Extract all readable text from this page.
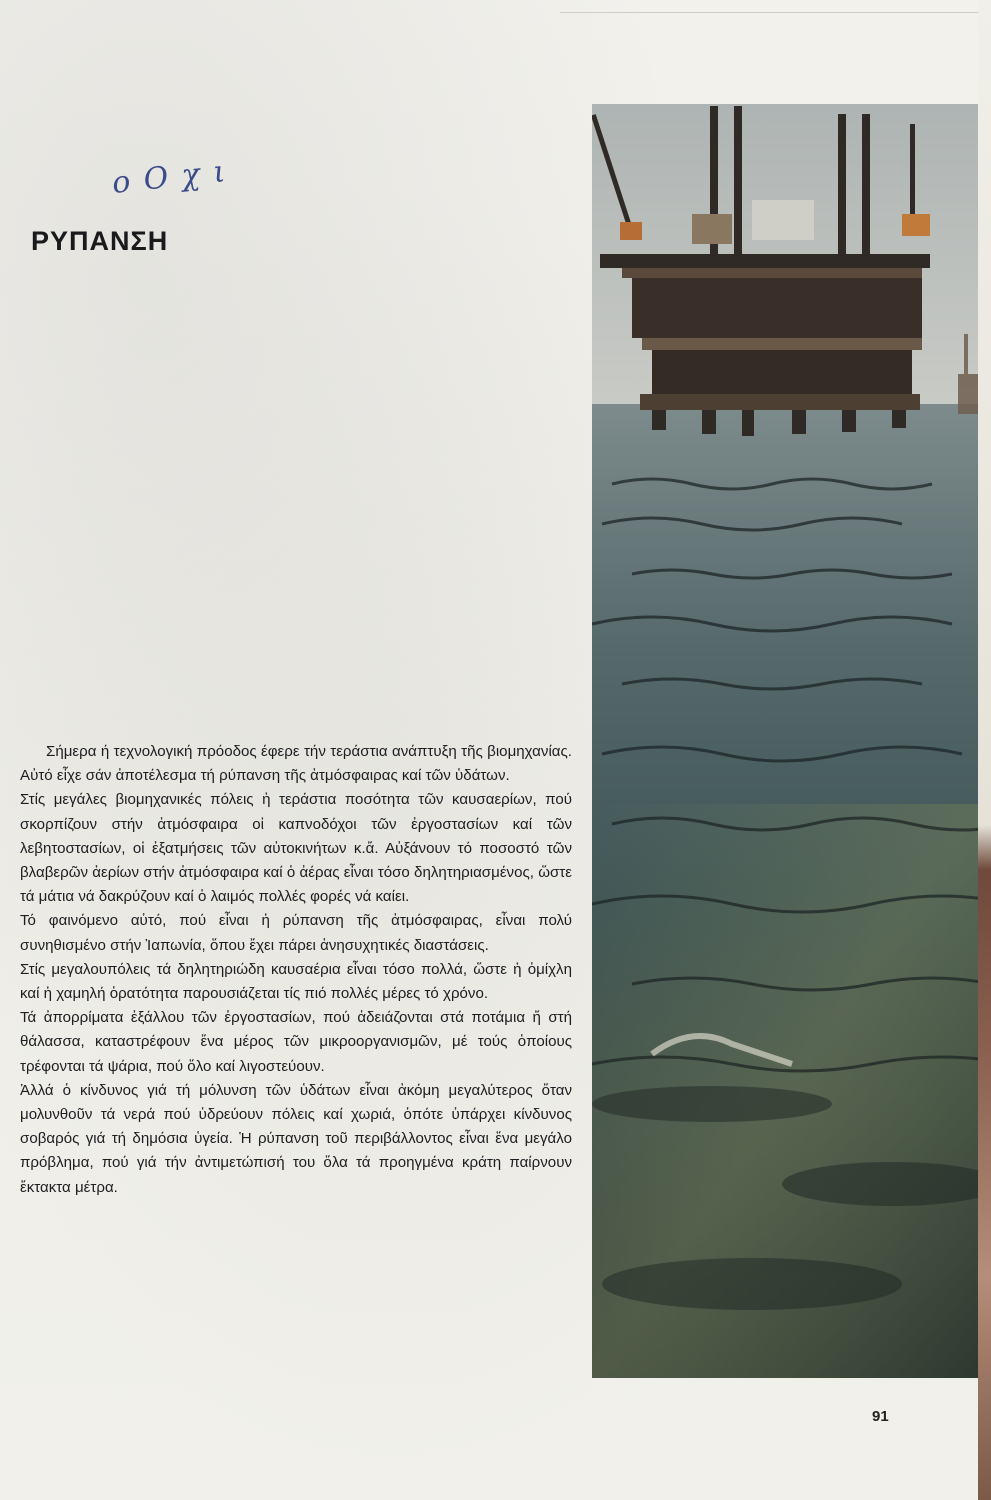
ο Ο χ ι
ΡΥΠΑΝΣΗ

Σήμερα ή τεχνολογική πρόοδος έφερε τήν τεράστια ανάπτυξη τῆς βιομηχανίας. Αὐτό εἶχε σάν ἀποτέλεσμα τή ρύπανση τῆς ἀτμόσφαιρας καί τῶν ὑδάτων.

Στίς μεγάλες βιομηχανικές πόλεις ἡ τεράστια ποσότητα τῶν καυσαερίων, πού σκορπίζουν στήν ἀτμόσφαιρα οἱ καπνοδόχοι τῶν ἐργοστασίων καί τῶν λεβητοστασίων, οἱ ἐξατμήσεις τῶν αὐτοκινήτων κ.ἄ. Αὐξάνουν τό ποσοστό τῶν βλαβερῶν ἀερίων στήν ἀτμόσφαιρα καί ὁ ἀέρας εἶναι τόσο δηλητηριασμένος, ὥστε τά μάτια νά δακρύζουν καί ὁ λαιμός πολλές φορές νά καίει.

Τό φαινόμενο αὐτό, πού εἶναι ἡ ρύπανση τῆς ἀτμόσφαιρας, εἶναι πολύ συνηθισμένο στήν Ἰαπωνία, ὅπου ἔχει πάρει ἀνησυχητικές διαστάσεις.

Στίς μεγαλουπόλεις τά δηλητηριώδη καυσαέρια εἶναι τόσο πολλά, ὥστε ἡ ὁμίχλη καί ἡ χαμηλή ὁρατότητα παρουσιάζεται τίς πιό πολλές μέρες τό χρόνο.

Τά ἀπορρίματα ἐξάλλου τῶν ἐργοστασίων, πού ἀδειάζονται στά ποτάμια ἤ στή θάλασσα, καταστρέφουν ἕνα μέρος τῶν μικροοργανισμῶν, μέ τούς ὁποίους τρέφονται τά ψάρια, πού ὅλο καί λιγοστεύουν.

Ἀλλά ὁ κίνδυνος γιά τή μόλυνση τῶν ὑδάτων εἶναι ἀκόμη μεγαλύτερος ὅταν μολυνθοῦν τά νερά πού ὑδρεύουν πόλεις καί χωριά, ὁπότε ὑπάρχει κίνδυνος σοβαρός γιά τή δημόσια ὑγεία. Ἡ ρύπανση τοῦ περιβάλλοντος εἶναι ἕνα μεγάλο πρόβλημα, πού γιά τήν ἀντιμετώπισή του ὅλα τά προηγμένα κράτη παίρνουν ἔκτακτα μέτρα.

91
